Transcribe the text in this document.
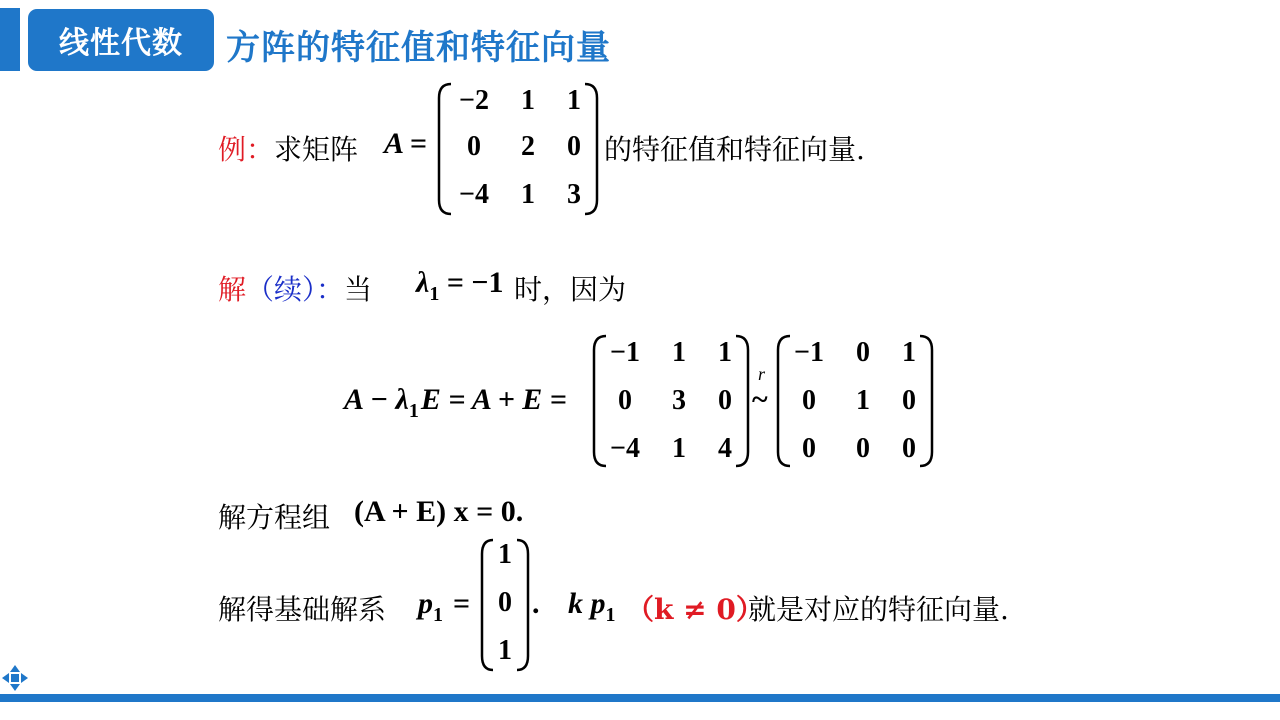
线性代数 方阵的特征值和特征向量
例：求矩阵 A =
−2	1	1
0	2	0
−4	1	3
的特征值和特征向量.
解（续）：当 $\lambda_1 = -1$ 时，因为
$A - \lambda_1E = A + E$ =
−1	1	1
0	3	0
−4	1	4
r
~
−1	0	1
0	1	0
0	0	0
解方程组 (A + E) x = 0.
解得基础解系 $p_1$ =
1
0
1
. k $p_1$ （k ≠ 0）
就是对应的特征向量.
